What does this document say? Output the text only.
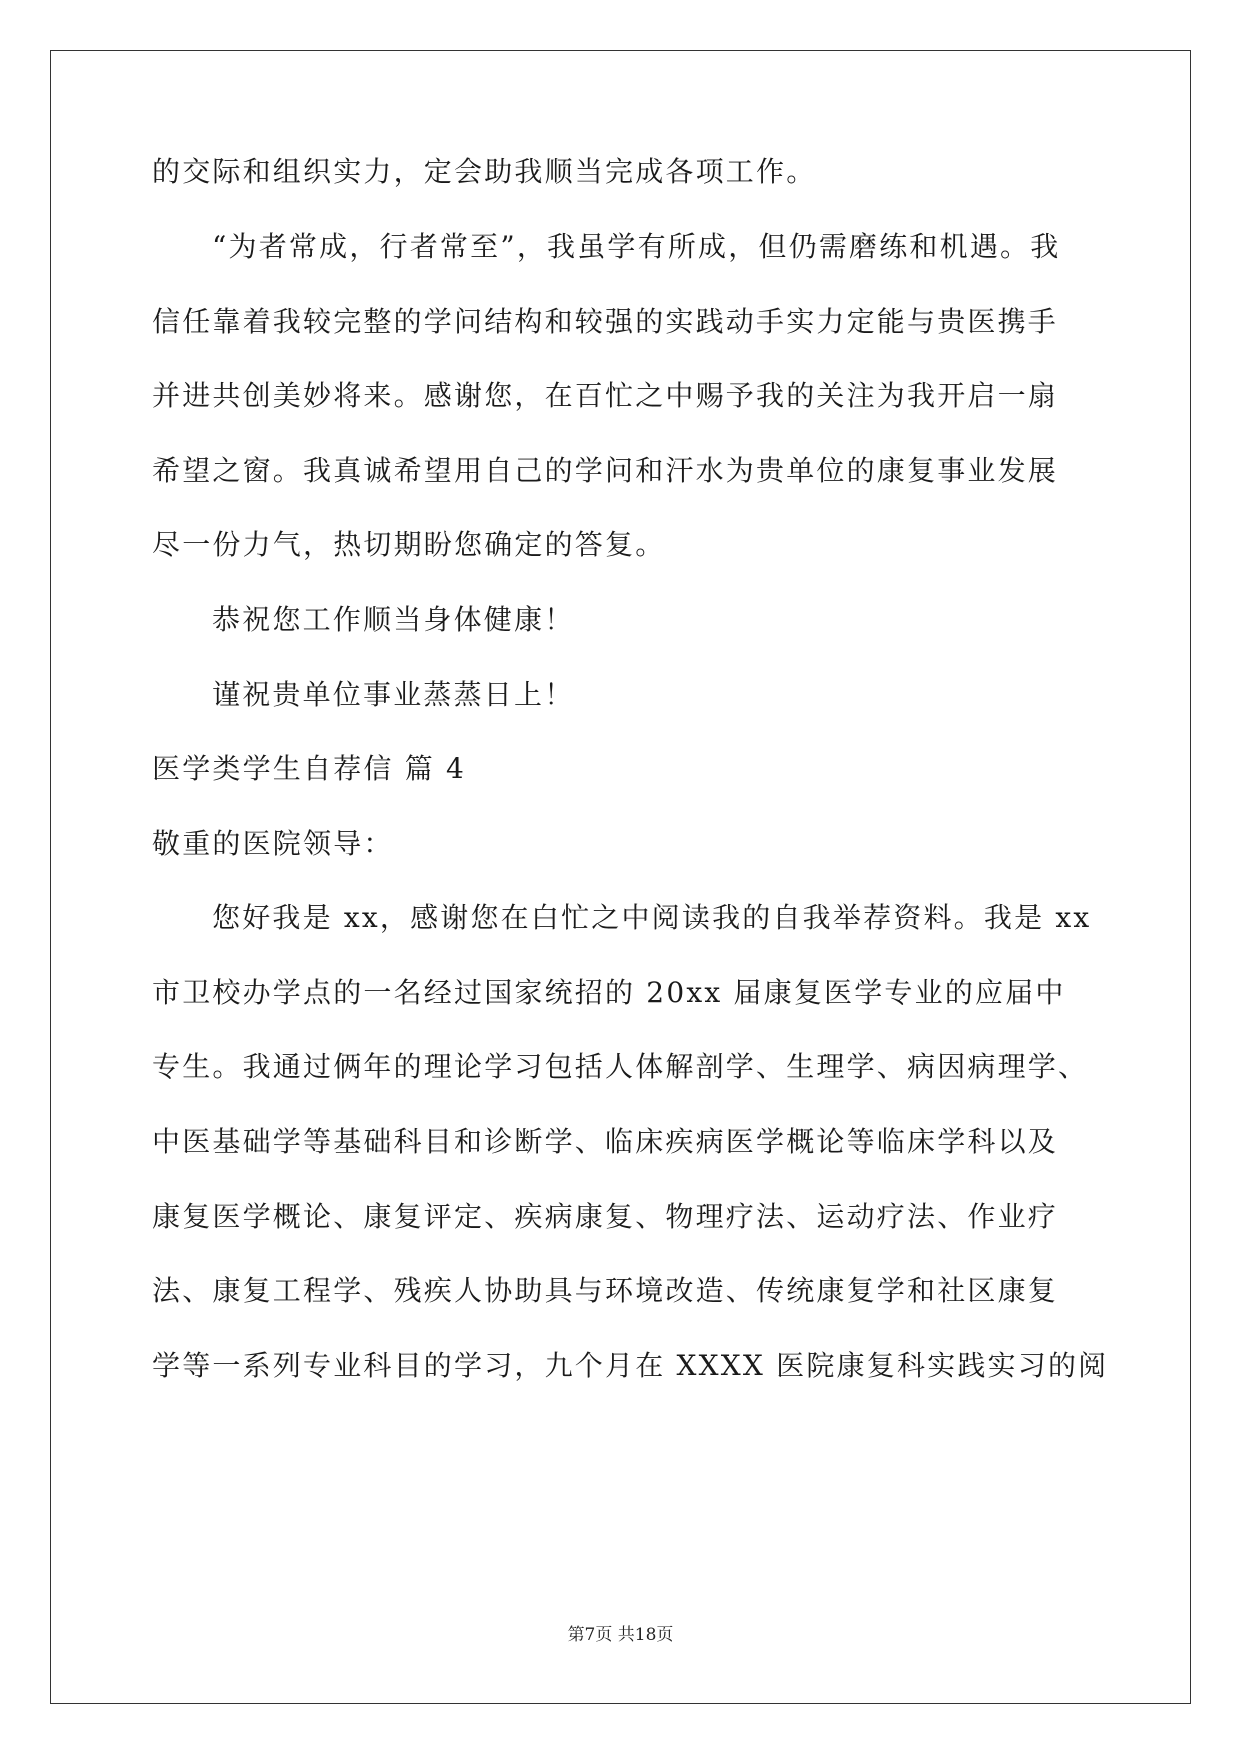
的交际和组织实力，定会助我顺当完成各项工作。
“为者常成，行者常至”，我虽学有所成，但仍需磨练和机遇。我
信任靠着我较完整的学问结构和较强的实践动手实力定能与贵医携手
并进共创美妙将来。感谢您，在百忙之中赐予我的关注为我开启一扇
希望之窗。我真诚希望用自己的学问和汗水为贵单位的康复事业发展
尽一份力气，热切期盼您确定的答复。
恭祝您工作顺当身体健康！
谨祝贵单位事业蒸蒸日上！
医学类学生自荐信 篇 4
敬重的医院领导：
您好我是 xx，感谢您在白忙之中阅读我的自我举荐资料。我是 xx
市卫校办学点的一名经过国家统招的 20xx 届康复医学专业的应届中
专生。我通过俩年的理论学习包括人体解剖学、生理学、病因病理学、
中医基础学等基础科目和诊断学、临床疾病医学概论等临床学科以及
康复医学概论、康复评定、疾病康复、物理疗法、运动疗法、作业疗
法、康复工程学、残疾人协助具与环境改造、传统康复学和社区康复
学等一系列专业科目的学习，九个月在 XXXX 医院康复科实践实习的阅
第7页 共18页
